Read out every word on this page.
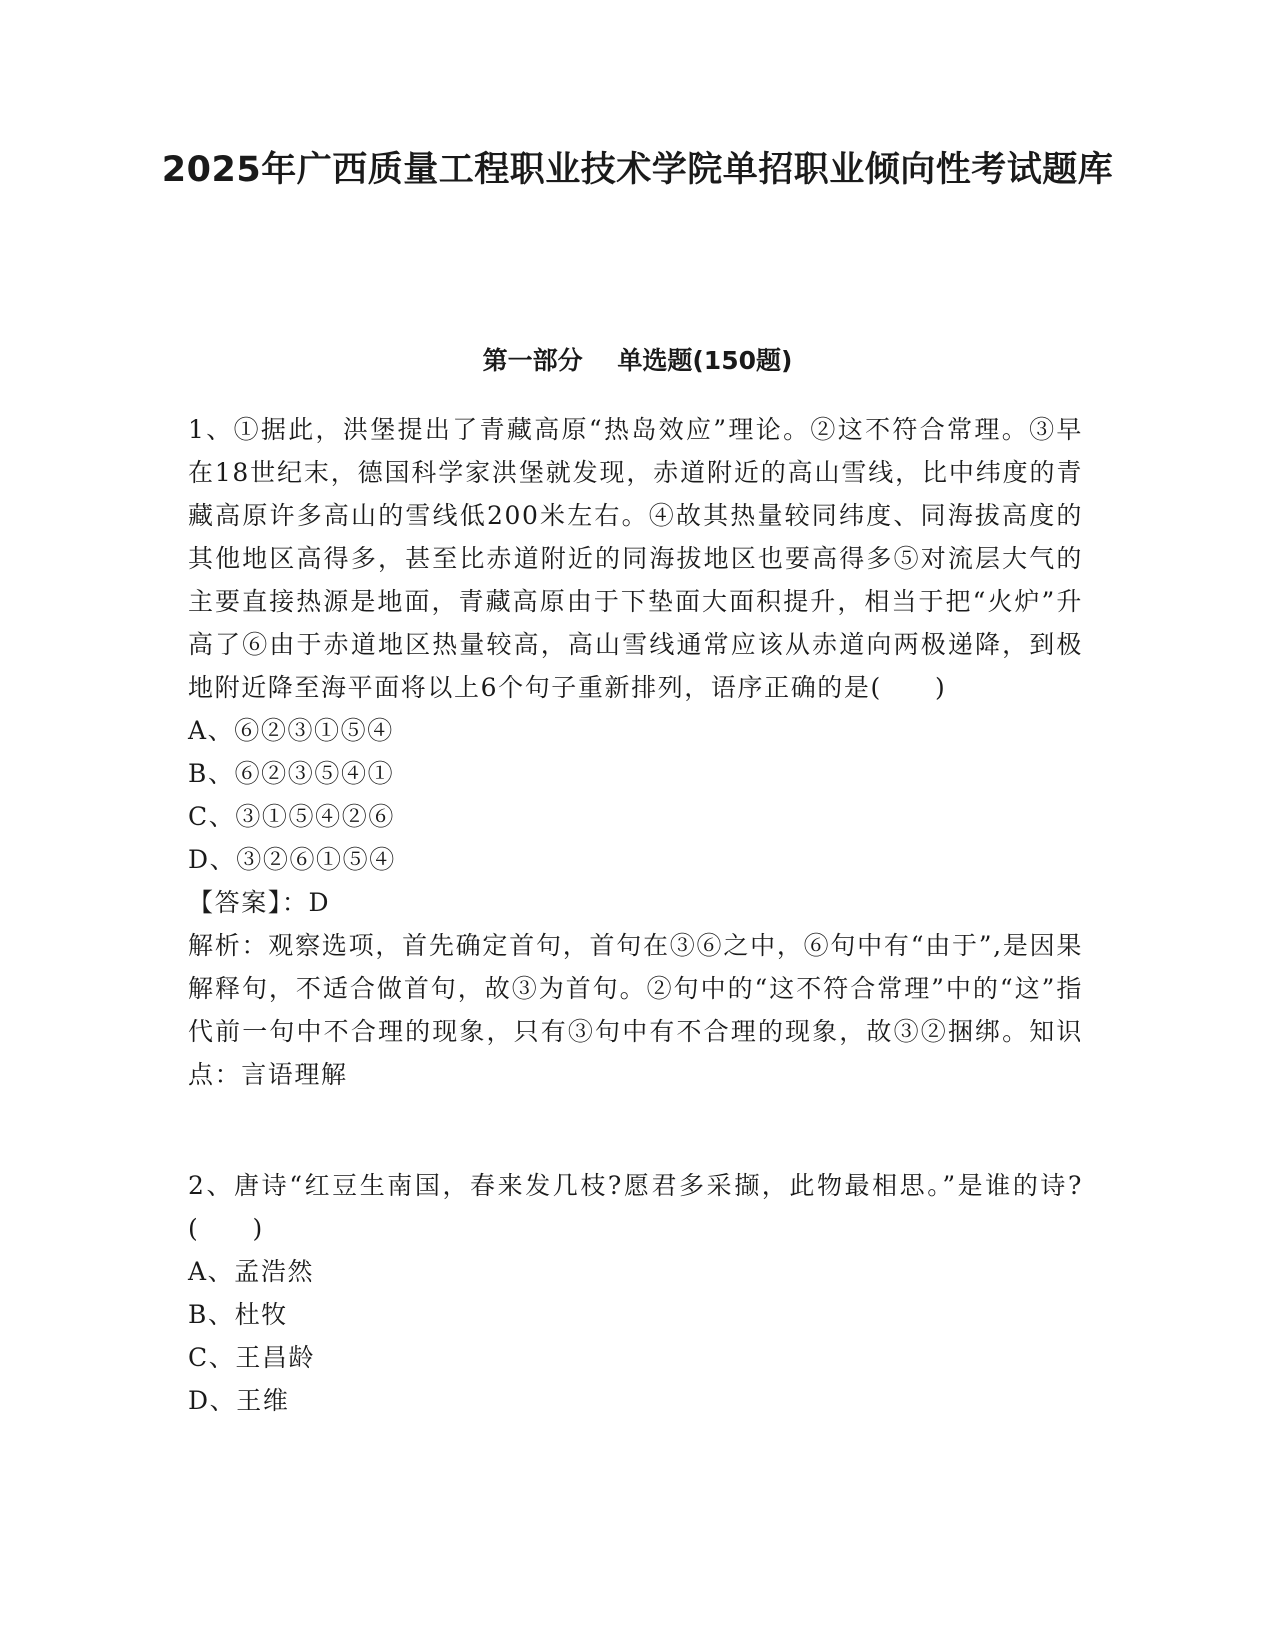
2025年广西质量工程职业技术学院单招职业倾向性考试题库
第一部分    单选题(150题)

1、①据此，洪堡提出了青藏高原“热岛效应”理论。②这不符合常理。③早在18世纪末，德国科学家洪堡就发现，赤道附近的高山雪线，比中纬度的青藏高原许多高山的雪线低200米左右。④故其热量较同纬度、同海拔高度的其他地区高得多，甚至比赤道附近的同海拔地区也要高得多⑤对流层大气的主要直接热源是地面，青藏高原由于下垫面大面积提升，相当于把“火炉”升高了⑥由于赤道地区热量较高，高山雪线通常应该从赤道向两极递降，到极地附近降至海平面将以上6个句子重新排列，语序正确的是(　　)

A、⑥②③①⑤④
B、⑥②③⑤④①
C、③①⑤④②⑥
D、③②⑥①⑤④

【答案】：D

解析：观察选项，首先确定首句，首句在③⑥之中，⑥句中有“由于”,是因果解释句，不适合做首句，故③为首句。②句中的“这不符合常理”中的“这”指代前一句中不合理的现象，只有③句中有不合理的现象，故③②捆绑。知识点：言语理解

2、唐诗“红豆生南国，春来发几枝?愿君多采撷，此物最相思。”是谁的诗?(　　)

A、孟浩然
B、杜牧
C、王昌龄
D、王维
